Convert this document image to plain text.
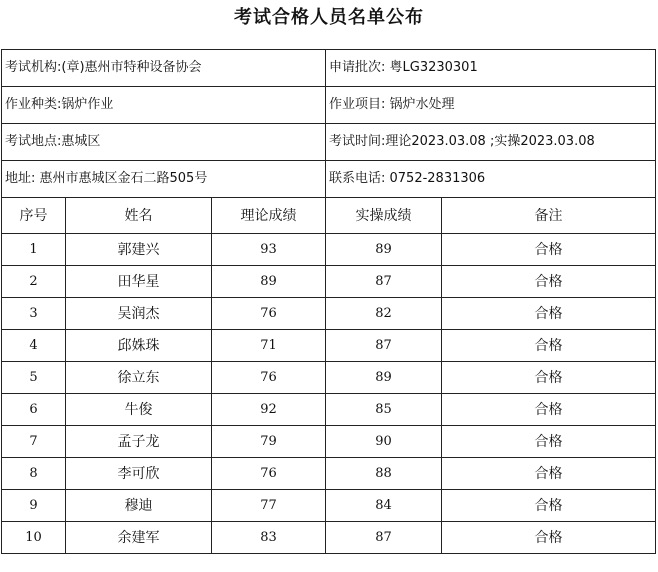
考试合格人员名单公布
考试机构:(章)惠州市特种设备协会			申请批次: 粤LG3230301	
作业种类:锅炉作业			作业项目: 锅炉水处理	
考试地点:惠城区			考试时间:理论2023.03.08 ;实操2023.03.08	
地址: 惠州市惠城区金石二路505号			联系电话: 0752-2831306	
序号	姓名	理论成绩	实操成绩	备注
1	郭建兴	93	89	合格
2	田华星	89	87	合格
3	吴润杰	76	82	合格
4	邱姝珠	71	87	合格
5	徐立东	76	89	合格
6	牛俊	92	85	合格
7	孟子龙	79	90	合格
8	李可欣	76	88	合格
9	穆迪	77	84	合格
10	余建军	83	87	合格
